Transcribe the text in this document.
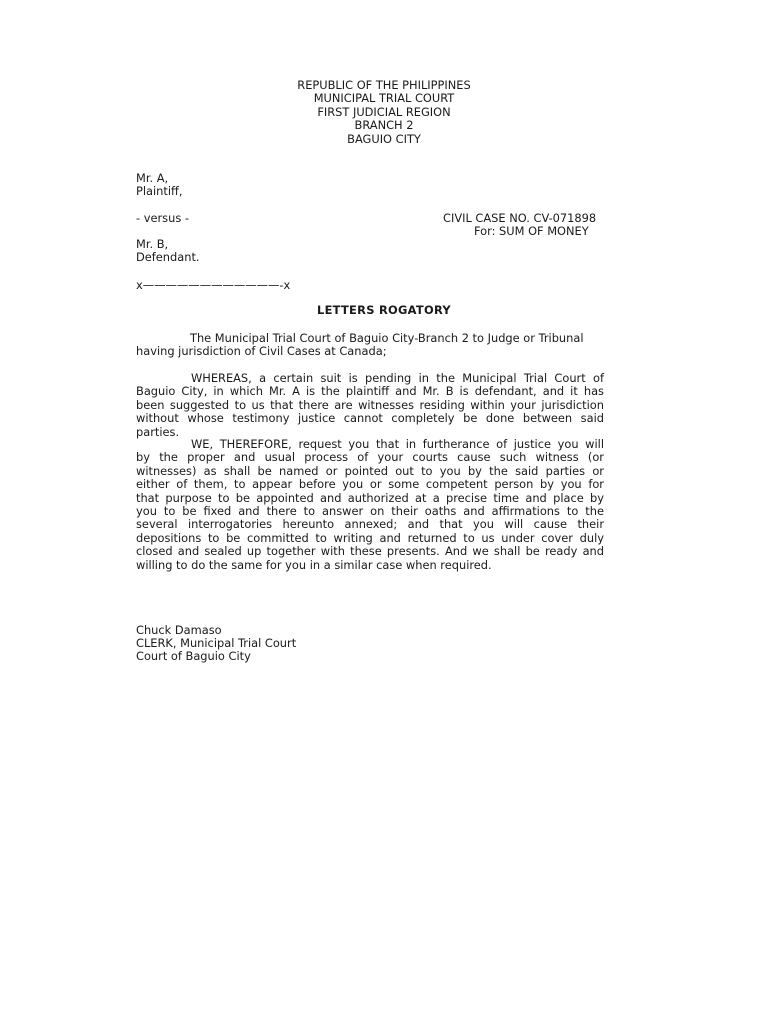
REPUBLIC OF THE PHILIPPINES
MUNICIPAL TRIAL COURT
FIRST JUDICIAL REGION
BRANCH 2
BAGUIO CITY
Mr. A,
Plaintiff,
- versus -	CIVIL CASE NO. CV-071898
For: SUM OF MONEY
Mr. B,
Defendant.
x————————————-x
LETTERS ROGATORY
The Municipal Trial Court of Baguio City-Branch 2 to Judge or Tribunal
having jurisdiction of Civil Cases at Canada;
WHEREAS, a certain suit is pending in the Municipal Trial Court of
Baguio City, in which Mr. A is the plaintiff and Mr. B is defendant, and it has
been suggested to us that there are witnesses residing within your jurisdiction
without whose testimony justice cannot completely be done between said
parties.
WE, THEREFORE, request you that in furtherance of justice you will
by the proper and usual process of your courts cause such witness (or
witnesses) as shall be named or pointed out to you by the said parties or
either of them, to appear before you or some competent person by you for
that purpose to be appointed and authorized at a precise time and place by
you to be fixed and there to answer on their oaths and affirmations to the
several interrogatories hereunto annexed; and that you will cause their
depositions to be committed to writing and returned to us under cover duly
closed and sealed up together with these presents. And we shall be ready and
willing to do the same for you in a similar case when required.
Chuck Damaso
CLERK, Municipal Trial Court
Court of Baguio City
